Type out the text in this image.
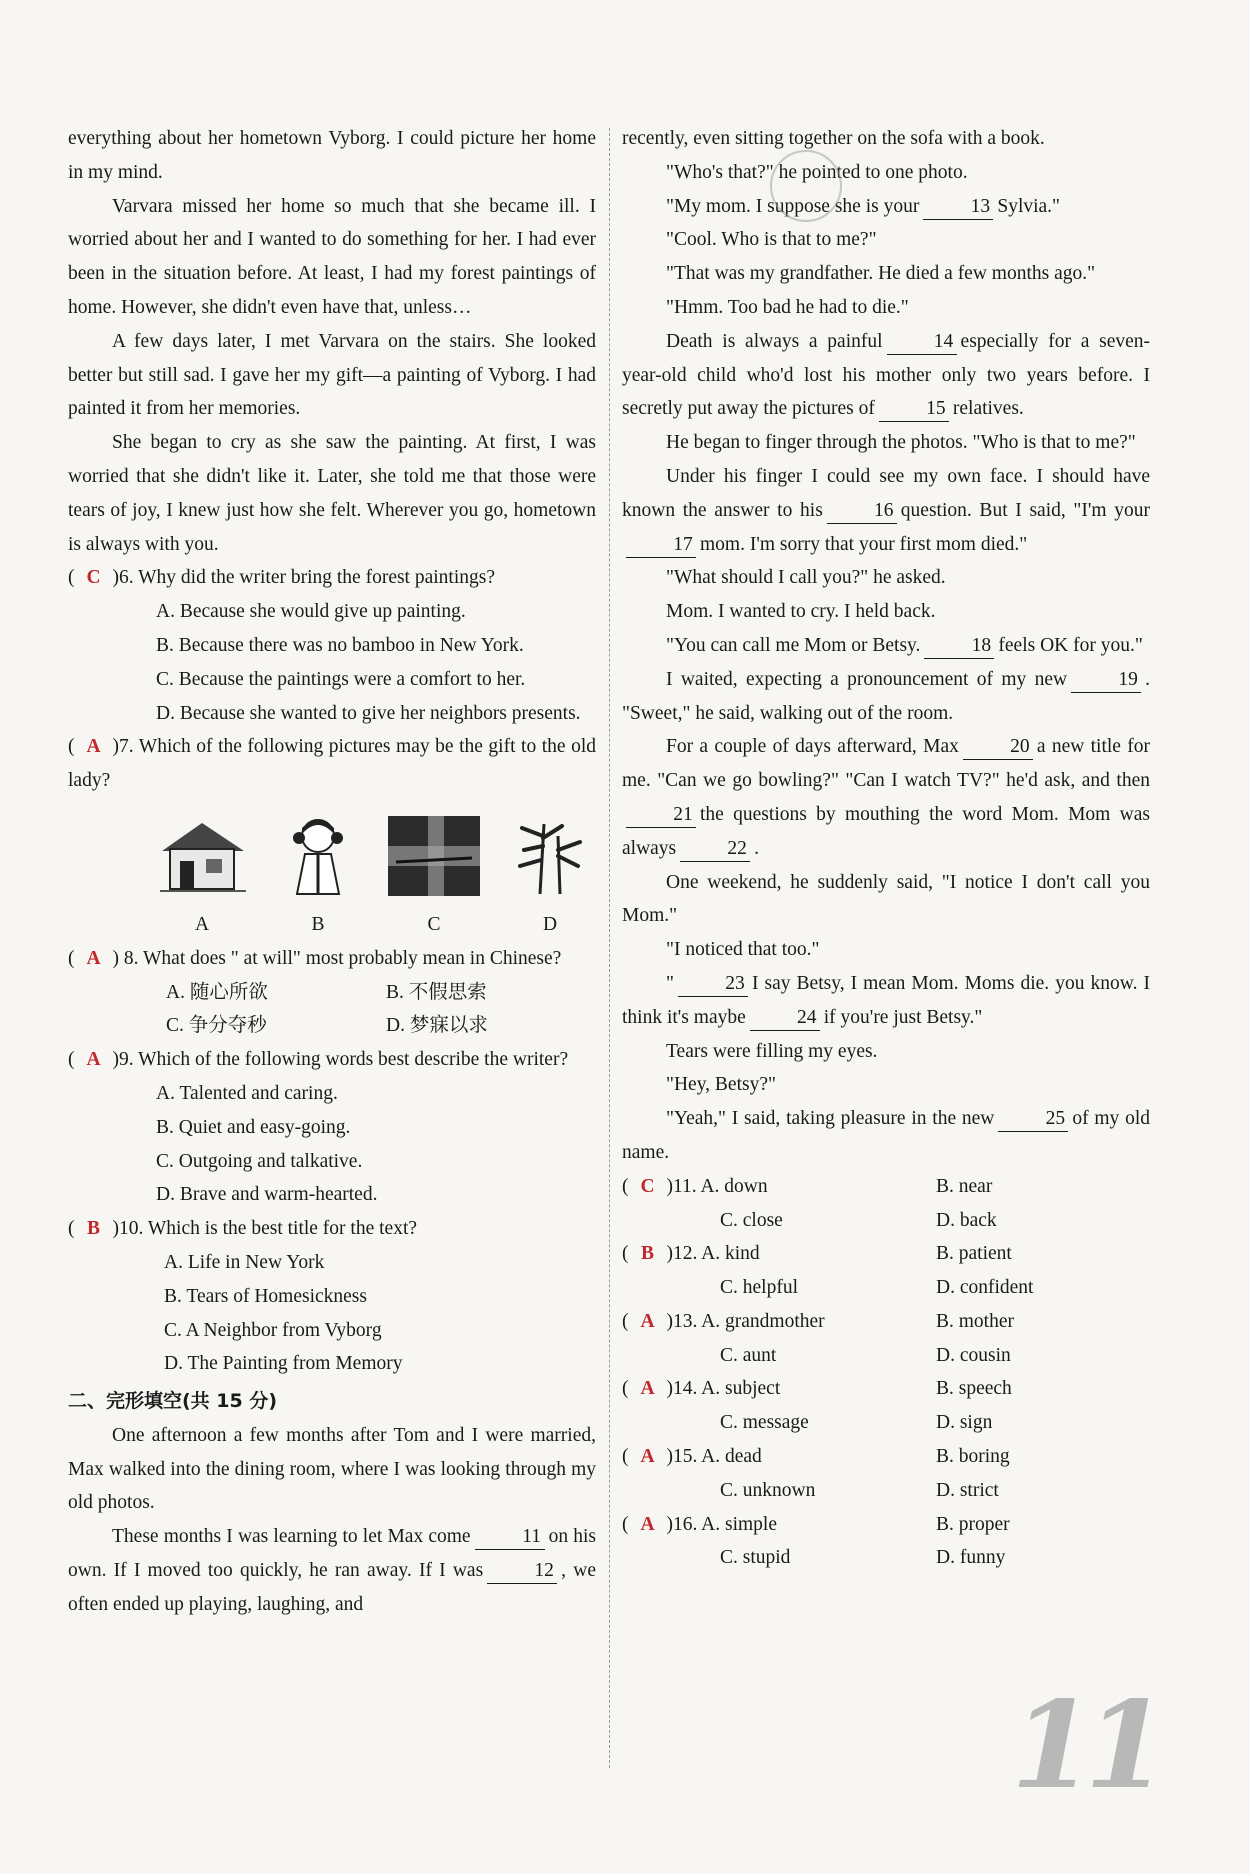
everything about her hometown Vyborg. I could picture her home in my mind.

Varvara missed her home so much that she became ill. I worried about her and I wanted to do something for her. I had ever been in the situation before. At least, I had my forest paintings of home. However, she didn't even have that, unless…

A few days later, I met Varvara on the stairs. She looked better but still sad. I gave her my gift—a painting of Vyborg. I had painted it from her memories.

She began to cry as she saw the painting. At first, I was worried that she didn't like it. Later, she told me that those were tears of joy, I knew just how she felt. Wherever you go, hometown is always with you.

( C )6. Why did the writer bring the forest paintings?

A. Because she would give up painting.

B. Because there was no bamboo in New York.

C. Because the paintings were a comfort to her.

D. Because she wanted to give her neighbors presents.

( A )7. Which of the following pictures may be the gift to the old lady?

A	B	C	D

( A ) 8. What does " at will" most probably mean in Chinese?

A. 随心所欲	B. 不假思索
C. 争分夺秒	D. 梦寐以求

( A )9. Which of the following words best describe the writer?

A. Talented and caring.

B. Quiet and easy-going.

C. Outgoing and talkative.

D. Brave and warm-hearted.

( B )10. Which is the best title for the text?

A. Life in New York

B. Tears of Homesickness

C. A Neighbor from Vyborg

D. The Painting from Memory

二、完形填空(共 15 分)

One afternoon a few months after Tom and I were married, Max walked into the dining room, where I was looking through my old photos.

These months I was learning to let Max come	11 on his own. If I moved too quickly, he ran away. If I was	12 , we often ended up playing, laughing, and

recently, even sitting together on the sofa with a book.

"Who's that?" he pointed to one photo.

"My mom. I suppose she is your	13 Sylvia."

"Cool. Who is that to me?"

"That was my grandfather. He died a few months ago."

"Hmm. Too bad he had to die."

Death is always a painful	14 especially for a seven-year-old child who'd lost his mother only two years before. I secretly put away the pictures of	15 relatives.

He began to finger through the photos. "Who is that to me?"

Under his finger I could see my own face. I should have known the answer to his	16 question. But I said, "I'm your17 mom. I'm sorry that your first mom died."

"What should I call you?" he asked.

Mom. I wanted to cry. I held back.

"You can call me Mom or Betsy.	18 feels OK for you."

I waited, expecting a pronouncement of my new	19 . "Sweet," he said, walking out of the room.

For a couple of days afterward, Max	20 a new title for me. "Can we go bowling?" "Can I watch TV?" he'd ask, and then21 the questions by mouthing the word Mom. Mom was always	22 .

One weekend, he suddenly said, "I notice I don't call you Mom."

"I noticed that too."

"	23 I say Betsy, I mean Mom. Moms die. you know. I think it's maybe	24 if you're just Betsy."

Tears were filling my eyes.

"Hey, Betsy?"

"Yeah," I said, taking pleasure in the new	25 of my old name.

( C )11. A. down	B. near
C. close	D. back
( B )12. A. kind	B. patient
C. helpful	D. confident
( A )13. A. grandmother	B. mother
C. aunt	D. cousin
( A )14. A. subject	B. speech
C. message	D. sign
( A )15. A. dead	B. boring
C. unknown	D. strict
( A )16. A. simple	B. proper
C. stupid	D. funny
11
